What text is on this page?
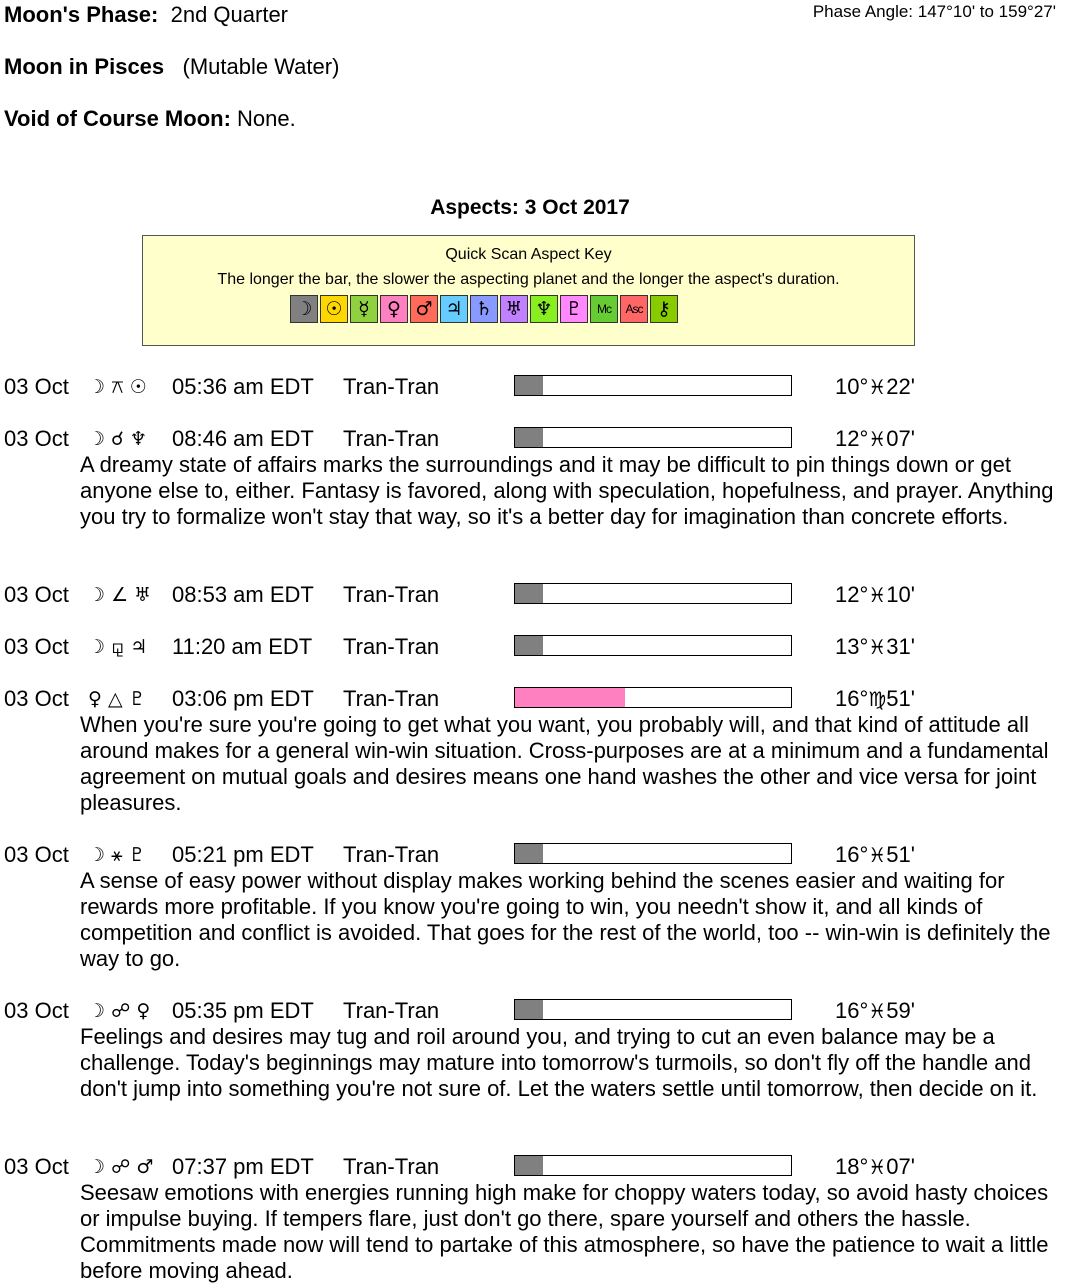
Moon's Phase: 2nd Quarter	Phase Angle: 147°10' to 159°27'
Moon in Pisces (Mutable Water)
Void of Course Moon: None.
Aspects: 3 Oct 2017
Quick Scan Aspect Key
The longer the bar, the slower the aspecting planet and the longer the aspect's duration.
☽ ☉ ☿ ♀ ♂ ♃ ♄ ♅ ♆ ♇	Mc	Asc ⚷
03 Oct ☽ ⚻ ☉ 05:36 am EDT Tran-Tran	10°♓22'
03 Oct ☽ ☌ ♆ 08:46 am EDT Tran-Tran	12°♓07'
A dreamy state of affairs marks the surroundings and it may be difficult to pin things down or get anyone else to, either. Fantasy is favored, along with speculation, hopefulness, and prayer. Anything you try to formalize won't stay that way, so it's a better day for imagination than concrete efforts.
03 Oct ☽ ∠ ♅ 08:53 am EDT Tran-Tran	12°♓10'
03 Oct ☽ ⚼ ♃ 11:20 am EDT Tran-Tran	13°♓31'
03 Oct ♀ △ ♇ 03:06 pm EDT Tran-Tran	16°♍51'
When you're sure you're going to get what you want, you probably will, and that kind of attitude all around makes for a general win-win situation. Cross-purposes are at a minimum and a fundamental agreement on mutual goals and desires means one hand washes the other and vice versa for joint pleasures.
03 Oct ☽ ⚹ ♇ 05:21 pm EDT Tran-Tran	16°♓51'
A sense of easy power without display makes working behind the scenes easier and waiting for rewards more profitable. If you know you're going to win, you needn't show it, and all kinds of competition and conflict is avoided. That goes for the rest of the world, too -- win-win is definitely the way to go.
03 Oct ☽ ☍ ♀ 05:35 pm EDT Tran-Tran	16°♓59'
Feelings and desires may tug and roil around you, and trying to cut an even balance may be a challenge. Today's beginnings may mature into tomorrow's turmoils, so don't fly off the handle and don't jump into something you're not sure of. Let the waters settle until tomorrow, then decide on it.
03 Oct ☽ ☍ ♂ 07:37 pm EDT Tran-Tran	18°♓07'
Seesaw emotions with energies running high make for choppy waters today, so avoid hasty choices or impulse buying. If tempers flare, just don't go there, spare yourself and others the hassle. Commitments made now will tend to partake of this atmosphere, so have the patience to wait a little before moving ahead.
